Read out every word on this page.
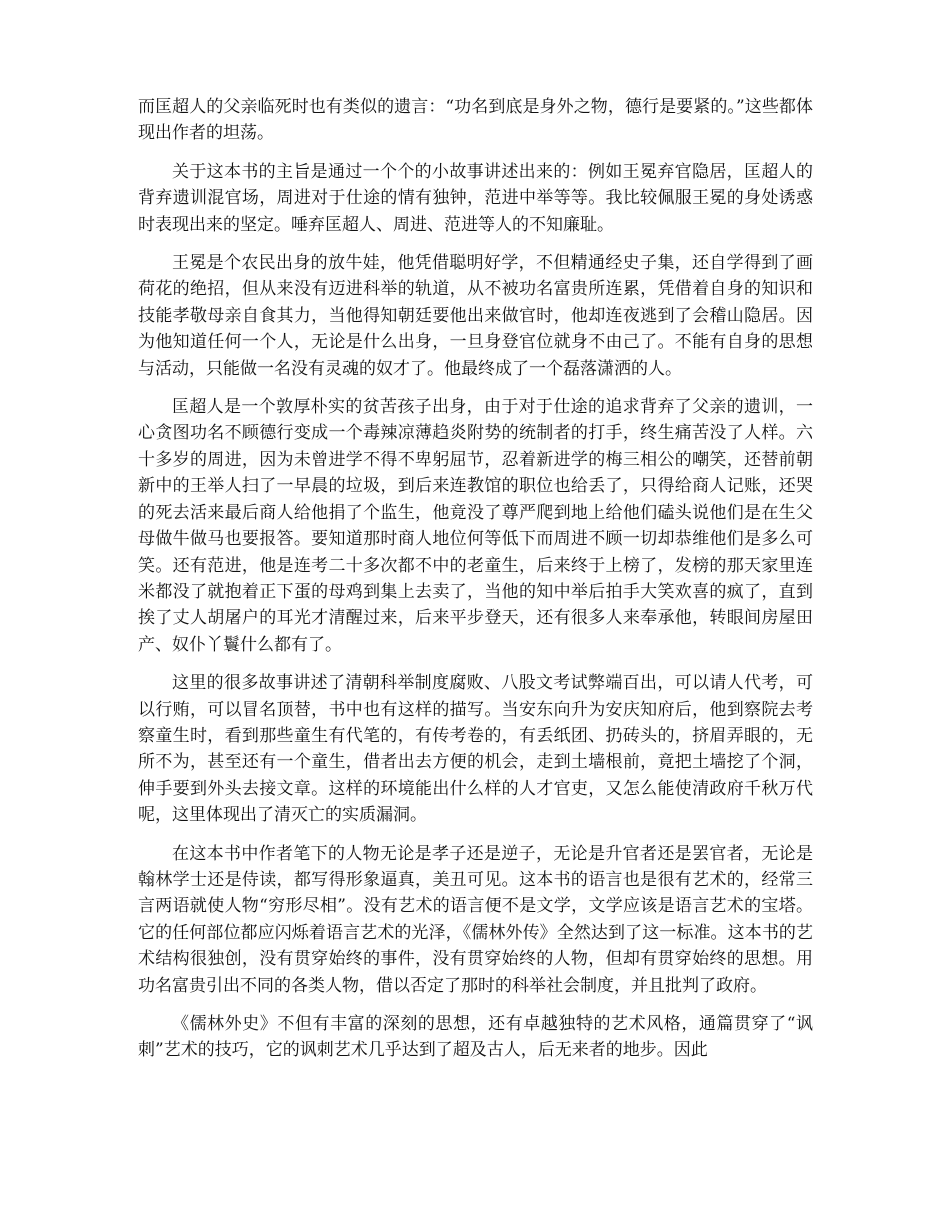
而匡超人的父亲临死时也有类似的遗言：“功名到底是身外之物，德行是要紧的。”这些都体现出作者的坦荡。

关于这本书的主旨是通过一个个的小故事讲述出来的：例如王冕弃官隐居，匡超人的背弃遗训混官场，周进对于仕途的情有独钟，范进中举等等。我比较佩服王冕的身处诱惑时表现出来的坚定。唾弃匡超人、周进、范进等人的不知廉耻。

王冕是个农民出身的放牛娃，他凭借聪明好学，不但精通经史子集，还自学得到了画荷花的绝招，但从来没有迈进科举的轨道，从不被功名富贵所连累，凭借着自身的知识和技能孝敬母亲自食其力，当他得知朝廷要他出来做官时，他却连夜逃到了会稽山隐居。因为他知道任何一个人，无论是什么出身，一旦身登官位就身不由己了。不能有自身的思想与活动，只能做一名没有灵魂的奴才了。他最终成了一个磊落潇洒的人。

匡超人是一个敦厚朴实的贫苦孩子出身，由于对于仕途的追求背弃了父亲的遗训，一心贪图功名不顾德行变成一个毒辣凉薄趋炎附势的统制者的打手，终生痛苦没了人样。六十多岁的周进，因为未曾进学不得不卑躬屈节，忍着新进学的梅三相公的嘲笑，还替前朝新中的王举人扫了一早晨的垃圾，到后来连教馆的职位也给丢了，只得给商人记账，还哭的死去活来最后商人给他捐了个监生，他竟没了尊严爬到地上给他们磕头说他们是在生父母做牛做马也要报答。要知道那时商人地位何等低下而周进不顾一切却恭维他们是多么可笑。还有范进，他是连考二十多次都不中的老童生，后来终于上榜了，发榜的那天家里连米都没了就抱着正下蛋的母鸡到集上去卖了，当他的知中举后拍手大笑欢喜的疯了，直到挨了丈人胡屠户的耳光才清醒过来，后来平步登天，还有很多人来奉承他，转眼间房屋田产、奴仆丫鬟什么都有了。

这里的很多故事讲述了清朝科举制度腐败、八股文考试弊端百出，可以请人代考，可以行贿，可以冒名顶替，书中也有这样的描写。当安东向升为安庆知府后，他到察院去考察童生时，看到那些童生有代笔的，有传考卷的，有丢纸团、扔砖头的，挤眉弄眼的，无所不为，甚至还有一个童生，借者出去方便的机会，走到土墙根前，竟把土墙挖了个洞，伸手要到外头去接文章。这样的环境能出什么样的人才官吏，又怎么能使清政府千秋万代呢，这里体现出了清灭亡的实质漏洞。

在这本书中作者笔下的人物无论是孝子还是逆子，无论是升官者还是罢官者，无论是翰林学士还是侍读，都写得形象逼真，美丑可见。这本书的语言也是很有艺术的，经常三言两语就使人物“穷形尽相”。没有艺术的语言便不是文学，文学应该是语言艺术的宝塔。它的任何部位都应闪烁着语言艺术的光泽，《儒林外传》全然达到了这一标准。这本书的艺术结构很独创，没有贯穿始终的事件，没有贯穿始终的人物，但却有贯穿始终的思想。用功名富贵引出不同的各类人物，借以否定了那时的科举社会制度，并且批判了政府。

《儒林外史》不但有丰富的深刻的思想，还有卓越独特的艺术风格，通篇贯穿了“讽刺”艺术的技巧，它的讽刺艺术几乎达到了超及古人，后无来者的地步。因此
